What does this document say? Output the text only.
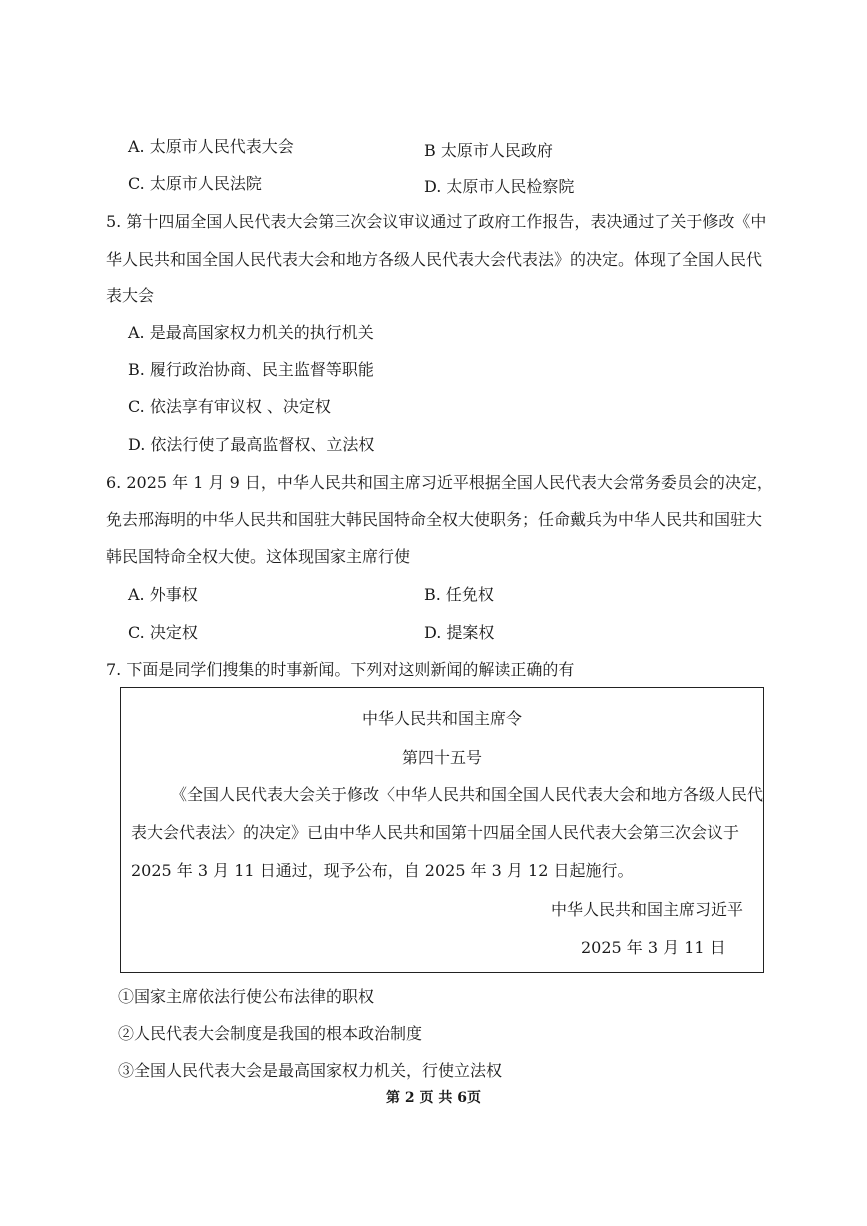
A. 太原市人民代表大会	B 太原市人民政府
C. 太原市人民法院	D. 太原市人民检察院
5. 第十四届全国人民代表大会第三次会议审议通过了政府工作报告，表决通过了关于修改《中
华人民共和国全国人民代表大会和地方各级人民代表大会代表法》的决定。体现了全国人民代
表大会
A. 是最高国家权力机关的执行机关
B. 履行政治协商、民主监督等职能
C. 依法享有审议权 、决定权
D. 依法行使了最高监督权、立法权
6. 2025 年 1 月 9 日，中华人民共和国主席习近平根据全国人民代表大会常务委员会的决定，
免去邢海明的中华人民共和国驻大韩民国特命全权大使职务；任命戴兵为中华人民共和国驻大
韩民国特命全权大使。这体现国家主席行使
A. 外事权	B. 任免权
C. 决定权	D. 提案权
7. 下面是同学们搜集的时事新闻。下列对这则新闻的解读正确的有
中华人民共和国主席令
第四十五号
《全国人民代表大会关于修改〈中华人民共和国全国人民代表大会和地方各级人民代
表大会代表法〉的决定》已由中华人民共和国第十四届全国人民代表大会第三次会议于
2025 年 3 月 11 日通过，现予公布，自 2025 年 3 月 12 日起施行。
中华人民共和国主席习近平
2025 年 3 月 11 日
①国家主席依法行使公布法律的职权
②人民代表大会制度是我国的根本政治制度
③全国人民代表大会是最高国家权力机关，行使立法权
第 2 页 共 6页
